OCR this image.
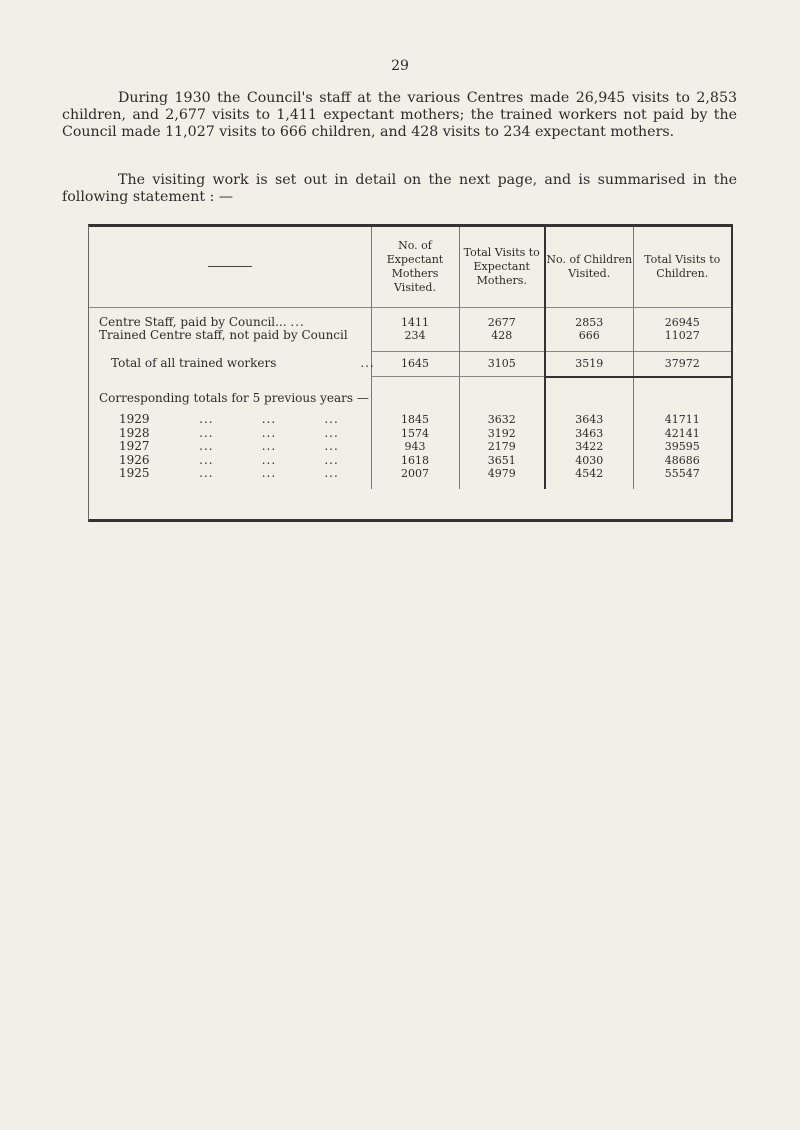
29

During 1930 the Council's staff at the various Centres made 26,945 visits to 2,853 children, and 2,677 visits to 1,411 expectant mothers; the trained workers not paid by the Council made 11,027 visits to 666 children, and 428 visits to 234 expectant mothers.

The visiting work is set out in detail on the next page, and is summarised in the following statement : —

	No. of Expectant Mothers Visited.	Total Visits to Expectant Mothers.	No. of Children Visited.	Total Visits to Children.

Centre Staff, paid by Council... ...	1411	2677	2853	26945
Trained Centre staff, not paid by Council	234	428	666	11027

Total of all trained workers ...	1645	3105	3519	37972

Corresponding totals for 5 previous years —				

1929 ...          ...          ...	1845	3632	3643	41711
1928 ...          ...          ...	1574	3192	3463	42141
1927 ...          ...          ...	943	2179	3422	39595
1926 ...          ...          ...	1618	3651	4030	48686
1925 ...          ...          ...	2007	4979	4542	55547
